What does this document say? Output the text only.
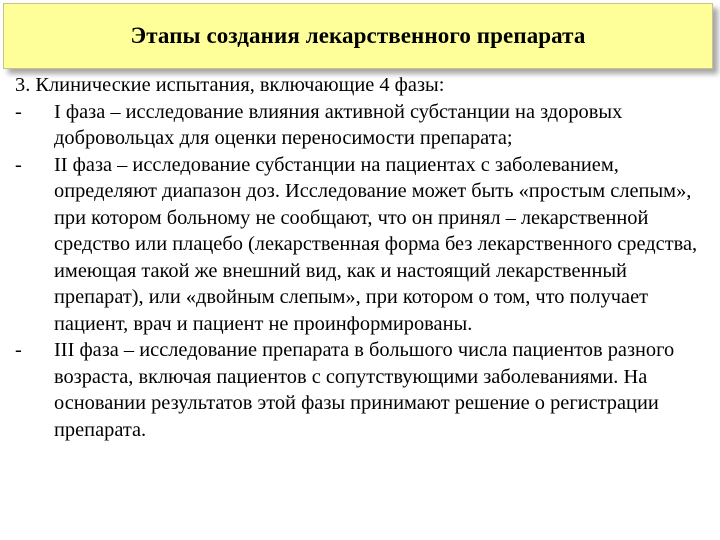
Этапы создания лекарственного препарата

3. Клинические испытания, включающие 4 фазы:

- I фаза – исследование влияния активной субстанции на здоровых добровольцах для оценки переносимости препарата;
- II фаза – исследование субстанции на пациентах с заболеванием, определяют диапазон доз. Исследование может быть «простым слепым», при котором больному не сообщают, что он принял – лекарственной средство или плацебо (лекарственная форма без лекарственного средства, имеющая такой же внешний вид, как и настоящий лекарственный препарат), или «двойным слепым», при котором о том, что получает пациент, врач и пациент не проинформированы.
- III фаза – исследование препарата в большого числа пациентов разного возраста, включая пациентов с сопутствующими заболеваниями. На основании результатов этой фазы принимают решение о регистрации препарата.
